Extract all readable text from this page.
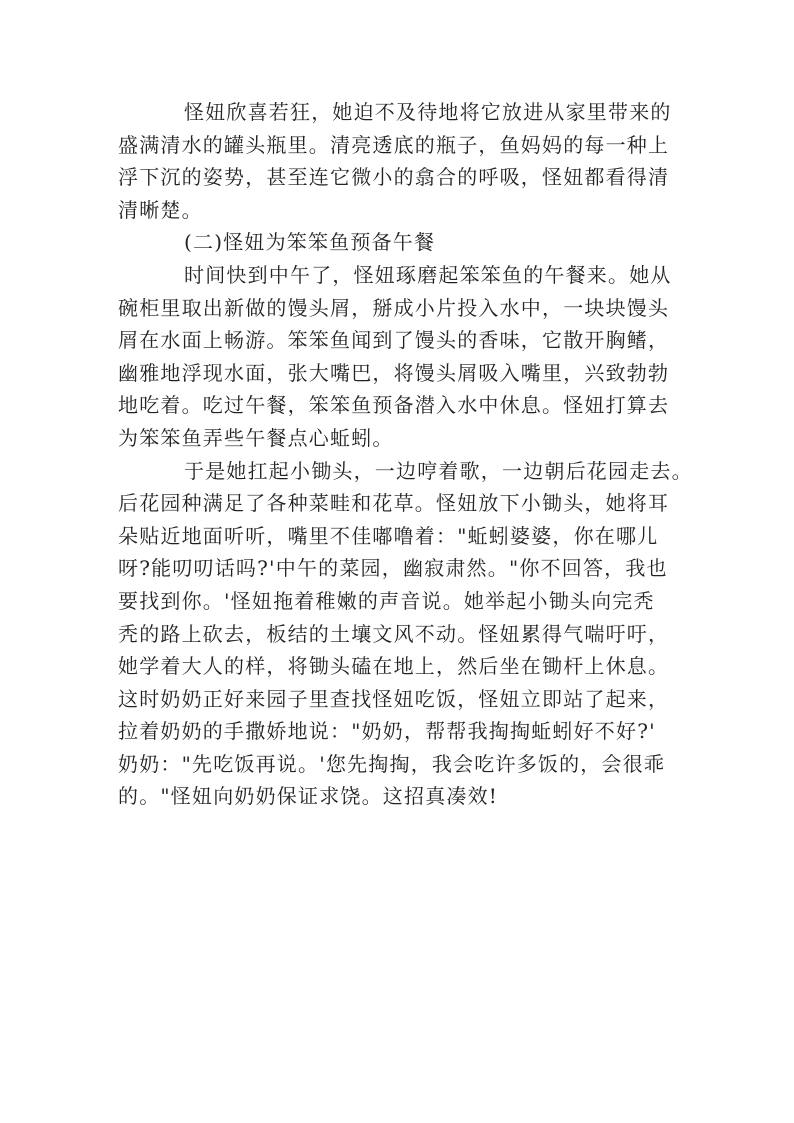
怪妞欣喜若狂，她迫不及待地将它放进从家里带来的
盛满清水的罐头瓶里。清亮透底的瓶子，鱼妈妈的每一种上
浮下沉的姿势，甚至连它微小的翕合的呼吸，怪妞都看得清
清晰楚。
(二)怪妞为笨笨鱼预备午餐
时间快到中午了，怪妞琢磨起笨笨鱼的午餐来。她从
碗柜里取出新做的馒头屑，掰成小片投入水中，一块块馒头
屑在水面上畅游。笨笨鱼闻到了馒头的香味，它散开胸鳍，
幽雅地浮现水面，张大嘴巴，将馒头屑吸入嘴里，兴致勃勃
地吃着。吃过午餐，笨笨鱼预备潜入水中休息。怪妞打算去
为笨笨鱼弄些午餐点心蚯蚓。
于是她扛起小锄头，一边哼着歌，一边朝后花园走去。
后花园种满足了各种菜畦和花草。怪妞放下小锄头，她将耳
朵贴近地面听听，嘴里不佳嘟噜着："蚯蚓婆婆，你在哪儿
呀?能叨叨话吗?'中午的菜园，幽寂肃然。"你不回答，我也
要找到你。'怪妞拖着稚嫩的声音说。她举起小锄头向完秃
秃的路上砍去，板结的土壤文风不动。怪妞累得气喘吁吁，
她学着大人的样，将锄头磕在地上，然后坐在锄杆上休息。
这时奶奶正好来园子里查找怪妞吃饭，怪妞立即站了起来，
拉着奶奶的手撒娇地说："奶奶，帮帮我掏掏蚯蚓好不好?'
奶奶："先吃饭再说。'您先掏掏，我会吃许多饭的，会很乖
的。"怪妞向奶奶保证求饶。这招真凑效!
